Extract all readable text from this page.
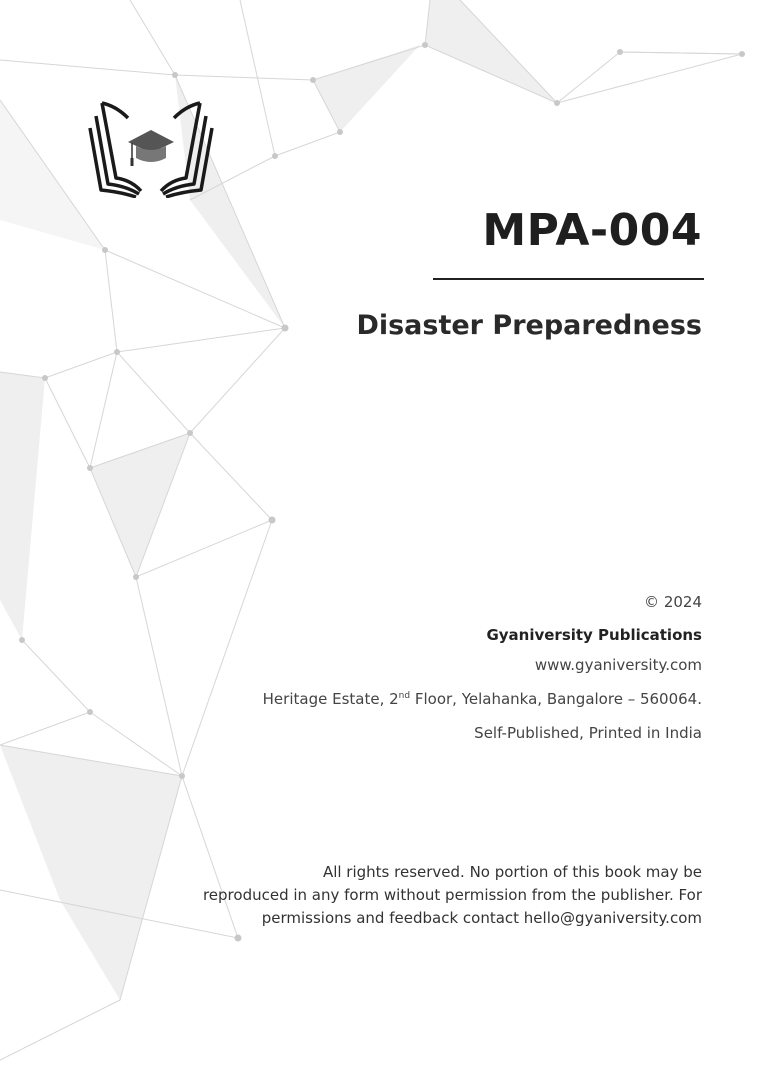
MPA-004
Disaster Preparedness
© 2024
Gyaniversity Publications
www.gyaniversity.com
Heritage Estate, 2nd Floor, Yelahanka, Bangalore – 560064.
Self-Published, Printed in India
All rights reserved. No portion of this book may be
reproduced in any form without permission from the publisher. For
permissions and feedback contact hello@gyaniversity.com
